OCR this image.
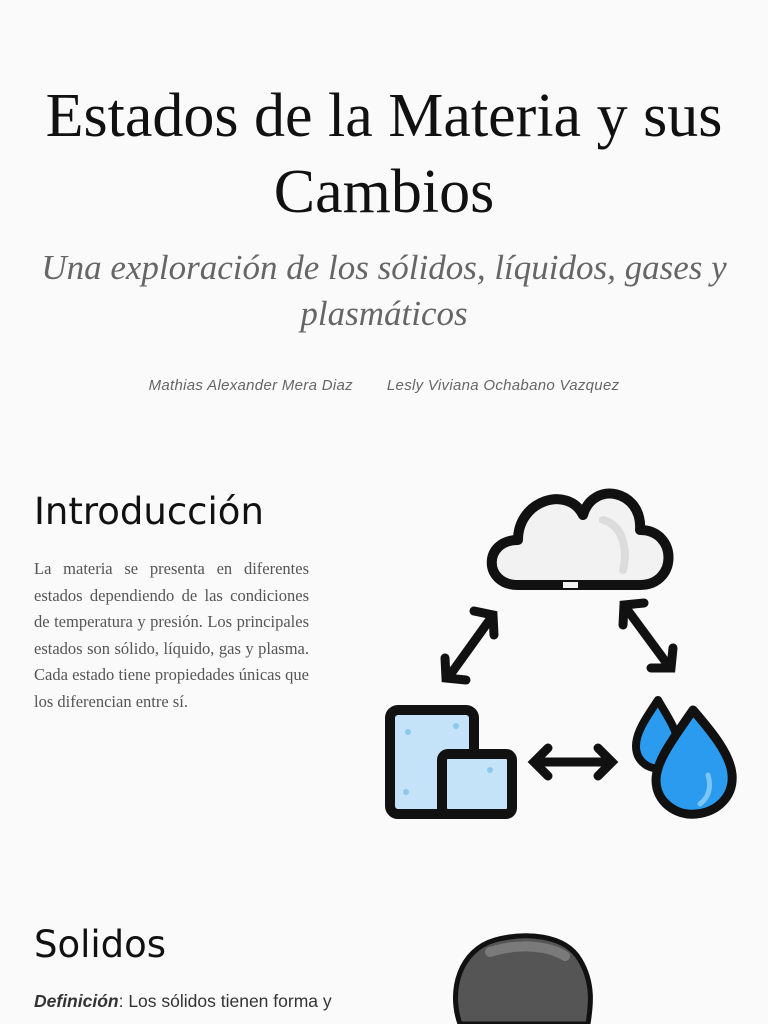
Estados de la Materia y sus Cambios

Una exploración de los sólidos, líquidos, gases y plasmáticos

Mathias Alexander Mera Diaz Lesly Viviana Ochabano Vazquez
Introducción

La materia se presenta en diferentes estados dependiendo de las condiciones de temperatura y presión. Los principales estados son sólido, líquido, gas y plasma. Cada estado tiene propiedades únicas que los diferencian entre sí.

Solidos

Definición: Los sólidos tienen forma y
